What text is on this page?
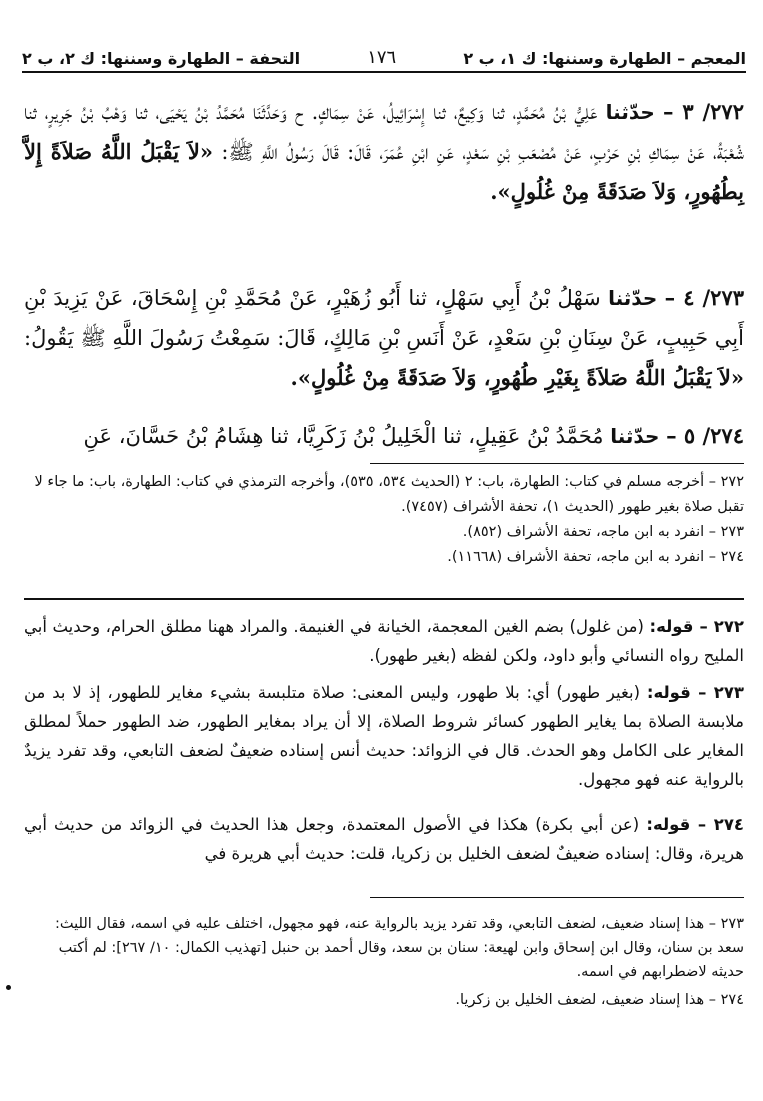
المعجم – الطهارة وسننها: ك ١، ب ٢
١٧٦
التحفة – الطهارة وسننها: ك ٢، ب ٢
٢٧٢/ ٣ – حدّثنا عَلِيُّ بْنُ مُحَمَّدٍ، ثنا وَكِيعٌ، ثنا إِسْرَائِيلُ، عَنْ سِمَاكٍ. ح وَحَدَّثَنَا مُحَمَّدُ بْنُ يَحْيَى، ثنا وَهْبُ بْنُ جَرِيرٍ، ثنا شُعْبَةُ، عَنْ سِمَاكِ بْنِ حَرْبٍ، عَنْ مُصْعَبِ بْنِ سَعْدٍ، عَنِ ابْنِ عُمَرَ، قَالَ: قَالَ رَسُولُ اللَّهِ ﷺ: «لاَ يَقْبَلُ اللَّهُ صَلاَةً إِلاَّ بِطُهُورٍ، وَلاَ صَدَقَةً مِنْ غُلُولٍ».
٢٧٣/ ٤ – حدّثنا سَهْلُ بْنُ أَبِي سَهْلٍ، ثنا أَبُو زُهَيْرٍ، عَنْ مُحَمَّدِ بْنِ إِسْحَاقَ، عَنْ يَزِيدَ بْنِ أَبِي حَبِيبٍ، عَنْ سِنَانِ بْنِ سَعْدٍ، عَنْ أَنَسِ بْنِ مَالِكٍ، قَالَ: سَمِعْتُ رَسُولَ اللَّهِ ﷺ يَقُولُ: «لاَ يَقْبَلُ اللَّهُ صَلاَةً بِغَيْرِ طُهُورٍ، وَلاَ صَدَقَةً مِنْ غُلُولٍ».
٢٧٤/ ٥ – حدّثنا مُحَمَّدُ بْنُ عَقِيلٍ، ثنا الْخَلِيلُ بْنُ زَكَرِيَّا، ثنا هِشَامُ بْنُ حَسَّانَ، عَنِ

٢٧٢ – أخرجه مسلم في كتاب: الطهارة، باب: ٢ (الحديث ٥٣٤، ٥٣٥)، وأخرجه الترمذي في كتاب: الطهارة، باب: ما جاء لا تقبل صلاة بغير طهور (الحديث ١)، تحفة الأشراف (٧٤٥٧).

٢٧٣ – انفرد به ابن ماجه، تحفة الأشراف (٨٥٢).

٢٧٤ – انفرد به ابن ماجه، تحفة الأشراف (١١٦٦٨).

٢٧٢ – قوله: (من غلول) بضم الغين المعجمة، الخيانة في الغنيمة. والمراد ههنا مطلق الحرام، وحديث أبي المليح رواه النسائي وأبو داود، ولكن لفظه (بغير طهور).
٢٧٣ – قوله: (بغير طهور) أي: بلا طهور، وليس المعنى: صلاة متلبسة بشيء مغاير للطهور، إذ لا بد من ملابسة الصلاة بما يغاير الطهور كسائر شروط الصلاة، إلا أن يراد بمغاير الطهور، ضد الطهور حملاً لمطلق المغاير على الكامل وهو الحدث. قال في الزوائد: حديث أنس إسناده ضعيفٌ لضعف التابعي، وقد تفرد يزيدٌ بالرواية عنه فهو مجهول.
٢٧٤ – قوله: (عن أبي بكرة) هكذا في الأصول المعتمدة، وجعل هذا الحديث في الزوائد من حديث أبي هريرة، وقال: إسناده ضعيفٌ لضعف الخليل بن زكريا، قلت: حديث أبي هريرة في

٢٧٣ – هذا إسناد ضعيف، لضعف التابعي، وقد تفرد يزيد بالرواية عنه، فهو مجهول، اختلف عليه في اسمه، فقال الليث: سعد بن سنان، وقال ابن إسحاق وابن لهيعة: سنان بن سعد، وقال أحمد بن حنبل [تهذيب الكمال: ١٠/ ٢٦٧]: لم أكتب حديثه لاضطرابهم في اسمه.

٢٧٤ – هذا إسناد ضعيف، لضعف الخليل بن زكريا.
